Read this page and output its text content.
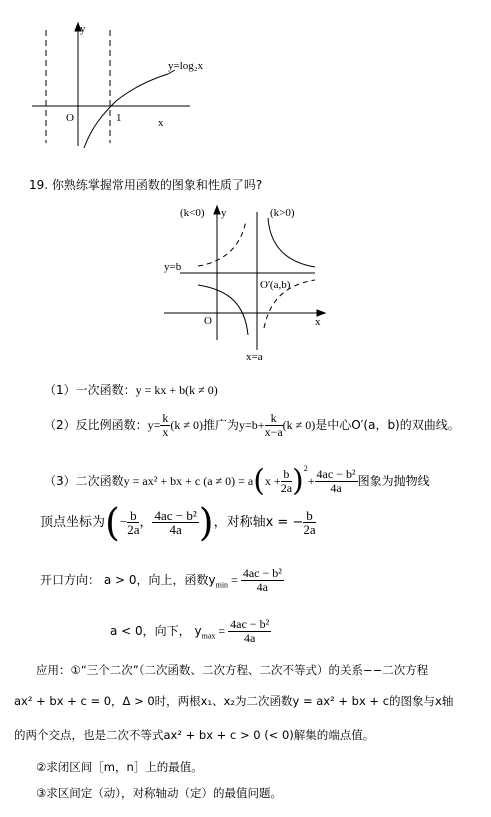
y
x
O	1
y=log₂x
19. 你熟练掌握常用函数的图象和性质了吗?
(k<0) y	(k>0)
y=b
O'(a,b)
O	x
x=a
（1）一次函数：y = kx + b(k ≠ 0)
（2）反比例函数：$y= \frac{k}{x} (k \ne 0)$推广为$y=b+ \frac{k}{x-a} (k \ne 0)$是中心O′(a，b)的双曲线。
（3）二次函数y = ax² + bx + c $(a \ne 0) = a(x + \frac{b}{2a} )^2+ \frac{\text{4ac − b²}}{4a}$ 图象为抛物线
顶点坐标为(− $\frac{b}{2a}$ ， $\frac{\text{4ac − b²}}{4a}$ )，对称轴x = − $\frac{b}{2a}$
开口方向： a > 0，向上，函数$y_{min} = \frac{\text{4ac − b²}}{4a}$
a < 0，向下， $y_{max} = \frac{\text{4ac − b²}}{4a}$
应用：①“三个二次”（二次函数、二次方程、二次不等式）的关系−−二次方程
ax² + bx + c = 0，Δ > 0时，两根x₁、x₂为二次函数y = ax² + bx + c的图象与x轴
的两个交点，也是二次不等式ax² + bx + c > 0 (< 0)解集的端点值。
②求闭区间［m，n］上的最值。
③求区间定（动），对称轴动（定）的最值问题。
